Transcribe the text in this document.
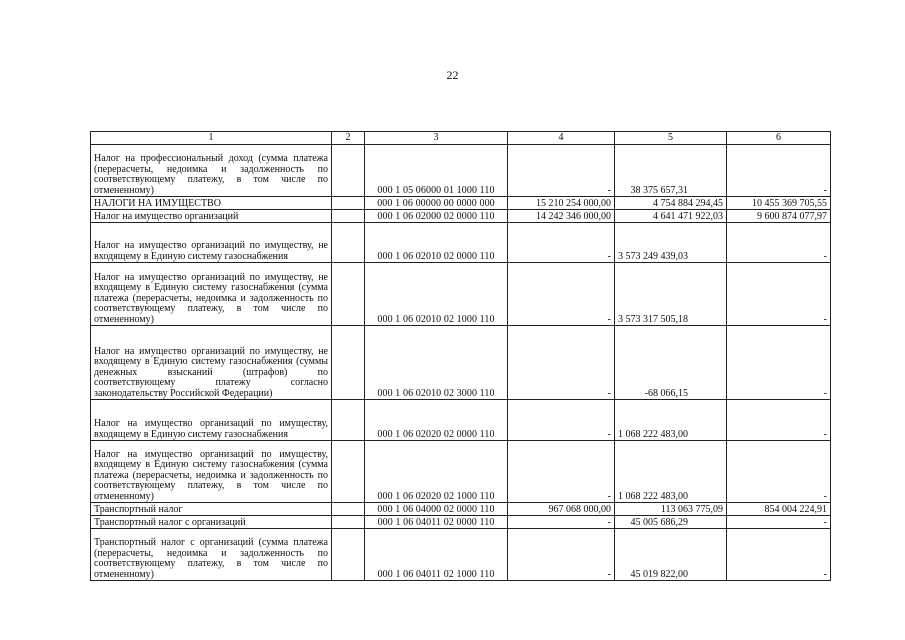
22
1	2	3	4	5	6
Налог на профессиональный доход (сумма платежа (перерасчеты, недоимка и задолженность по соответствующему платежу, в том числе по отмененному)		000 1 05 06000 01 1000 110	-	38 375 657,31	-
НАЛОГИ НА ИМУЩЕСТВО		000 1 06 00000 00 0000 000	15 210 254 000,00	4 754 884 294,45	10 455 369 705,55
Налог на имущество организаций		000 1 06 02000 02 0000 110	14 242 346 000,00	4 641 471 922,03	9 600 874 077,97
Налог на имущество организаций по имуществу, не входящему в Единую систему газоснабжения		000 1 06 02010 02 0000 110	-	3 573 249 439,03	-
Налог на имущество организаций по имуществу, не входящему в Единую систему газоснабжения (сумма платежа (перерасчеты, недоимка и задолженность по соответствующему платежу, в том числе по отмененному)		000 1 06 02010 02 1000 110	-	3 573 317 505,18	-
Налог на имущество организаций по имуществу, не входящему в Единую систему газоснабжения (суммы денежных взысканий (штрафов) по соответствующему платежу согласно законодательству Российской Федерации)		000 1 06 02010 02 3000 110	-	-68 066,15	-
Налог на имущество организаций по имуществу, входящему в Единую систему газоснабжения		000 1 06 02020 02 0000 110	-	1 068 222 483,00	-
Налог на имущество организаций по имуществу, входящему в Единую систему газоснабжения (сумма платежа (перерасчеты, недоимка и задолженность по соответствующему платежу, в том числе по отмененному)		000 1 06 02020 02 1000 110	-	1 068 222 483,00	-
Транспортный налог		000 1 06 04000 02 0000 110	967 068 000,00	113 063 775,09	854 004 224,91
Транспортный налог с организаций		000 1 06 04011 02 0000 110	-	45 005 686,29	-
Транспортный налог с организаций (сумма платежа (перерасчеты, недоимка и задолженность по соответствующему платежу, в том числе по отмененному)		000 1 06 04011 02 1000 110	-	45 019 822,00	-
